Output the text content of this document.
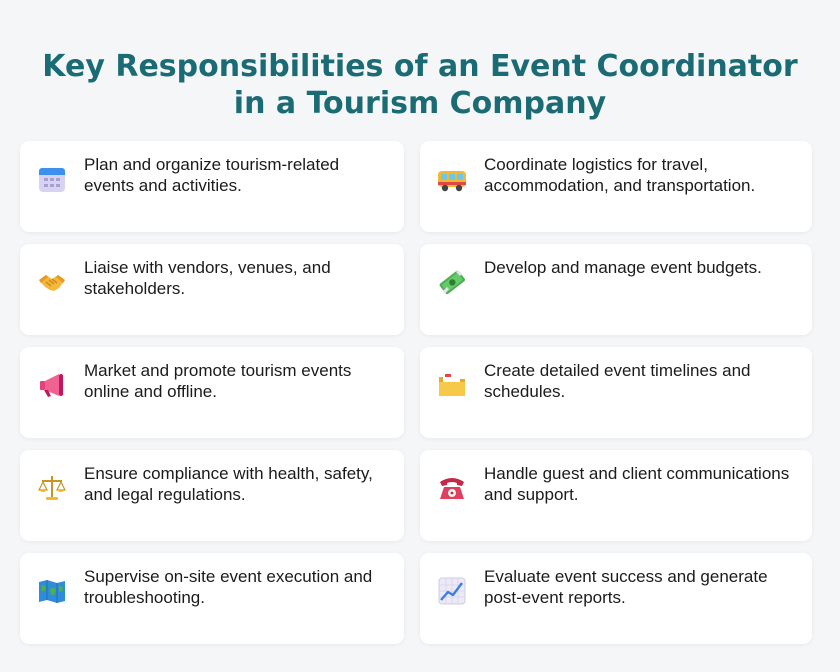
Key Responsibilities of an Event Coordinator
in a Tourism Company
Plan and organize tourism-related events and activities.
Coordinate logistics for travel, accommodation, and transportation.
Liaise with vendors, venues, and stakeholders.
Develop and manage event budgets.
Market and promote tourism events online and offline.
Create detailed event timelines and schedules.
Ensure compliance with health, safety, and legal regulations.
Handle guest and client communications and support.
Supervise on-site event execution and troubleshooting.
Evaluate event success and generate post-event reports.
